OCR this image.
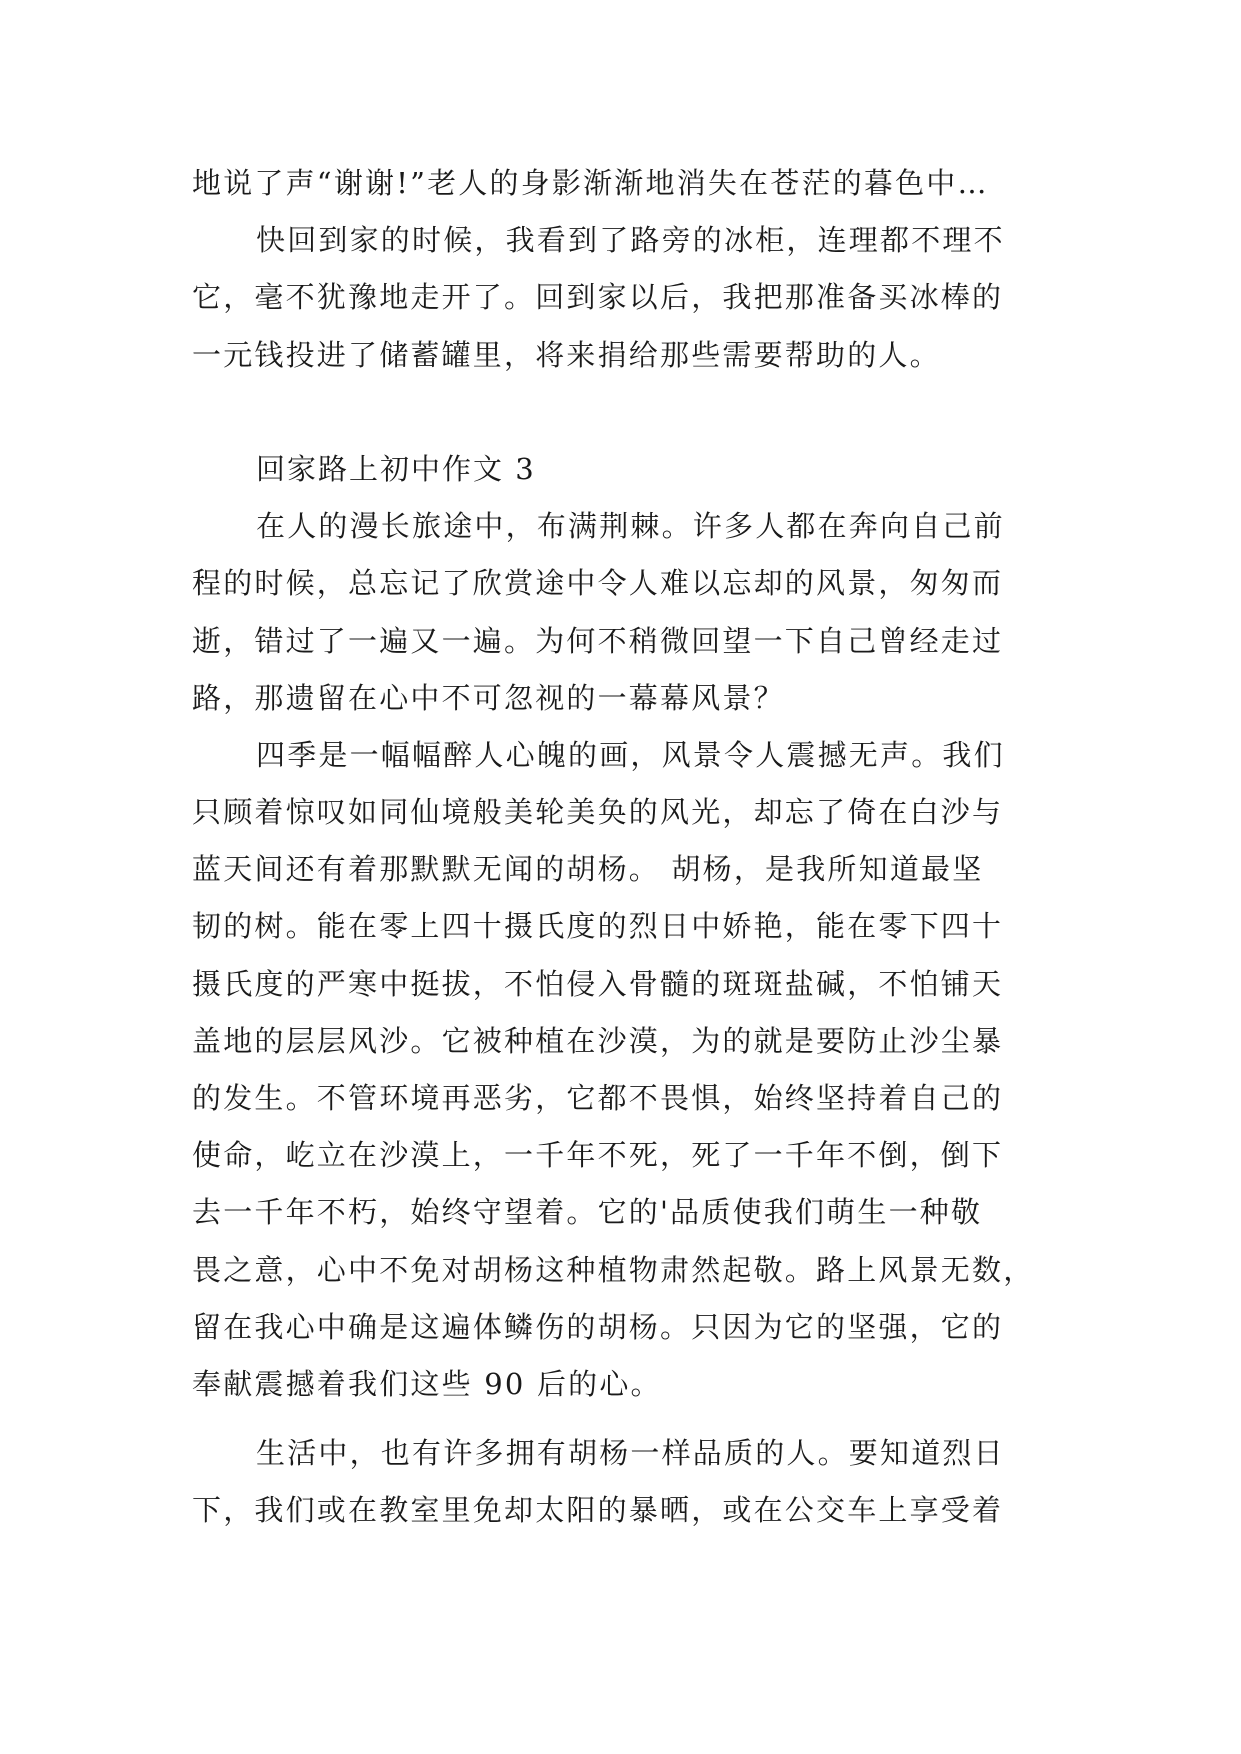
地说了声“谢谢!”老人的身影渐渐地消失在苍茫的暮色中…
快回到家的时候，我看到了路旁的冰柜，连理都不理不
它，毫不犹豫地走开了。回到家以后，我把那准备买冰棒的
一元钱投进了储蓄罐里，将来捐给那些需要帮助的人。
回家路上初中作文 3
在人的漫长旅途中，布满荆棘。许多人都在奔向自己前
程的时候，总忘记了欣赏途中令人难以忘却的风景，匆匆而
逝，错过了一遍又一遍。为何不稍微回望一下自己曾经走过
路，那遗留在心中不可忽视的一幕幕风景？
四季是一幅幅醉人心魄的画，风景令人震撼无声。我们
只顾着惊叹如同仙境般美轮美奂的风光，却忘了倚在白沙与
蓝天间还有着那默默无闻的胡杨。 胡杨，是我所知道最坚
韧的树。能在零上四十摄氏度的烈日中娇艳，能在零下四十
摄氏度的严寒中挺拔，不怕侵入骨髓的斑斑盐碱，不怕铺天
盖地的层层风沙。它被种植在沙漠，为的就是要防止沙尘暴
的发生。不管环境再恶劣，它都不畏惧，始终坚持着自己的
使命，屹立在沙漠上，一千年不死，死了一千年不倒，倒下
去一千年不朽，始终守望着。它的'品质使我们萌生一种敬
畏之意，心中不免对胡杨这种植物肃然起敬。路上风景无数，
留在我心中确是这遍体鳞伤的胡杨。只因为它的坚强，它的
奉献震撼着我们这些 90 后的心。
生活中，也有许多拥有胡杨一样品质的人。要知道烈日
下，我们或在教室里免却太阳的暴晒，或在公交车上享受着
